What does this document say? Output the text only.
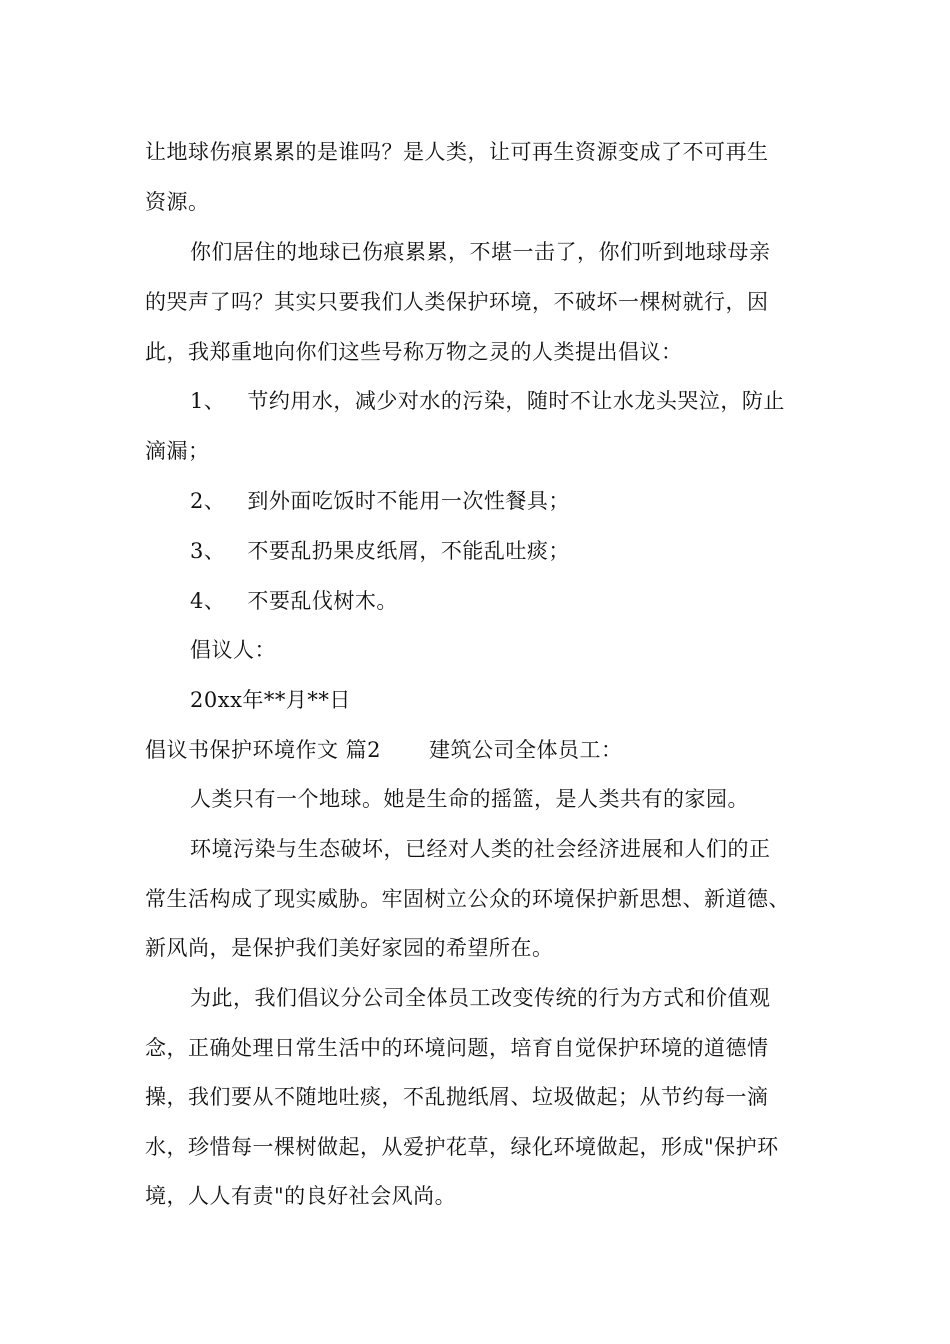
让地球伤痕累累的是谁吗？是人类，让可再生资源变成了不可再生
资源。
你们居住的地球已伤痕累累，不堪一击了，你们听到地球母亲
的哭声了吗？其实只要我们人类保护环境，不破坏一棵树就行，因
此，我郑重地向你们这些号称万物之灵的人类提出倡议：
1、 节约用水，减少对水的污染，随时不让水龙头哭泣，防止
滴漏；
2、 到外面吃饭时不能用一次性餐具；
3、 不要乱扔果皮纸屑，不能乱吐痰；
4、 不要乱伐树木。
倡议人：
20xx年**月**日
倡议书保护环境作文 篇2 建筑公司全体员工：
人类只有一个地球。她是生命的摇篮，是人类共有的家园。
环境污染与生态破坏，已经对人类的社会经济进展和人们的正
常生活构成了现实威胁。牢固树立公众的环境保护新思想、新道德、
新风尚，是保护我们美好家园的希望所在。
为此，我们倡议分公司全体员工改变传统的行为方式和价值观
念，正确处理日常生活中的环境问题，培育自觉保护环境的道德情
操，我们要从不随地吐痰，不乱抛纸屑、垃圾做起；从节约每一滴
水，珍惜每一棵树做起，从爱护花草，绿化环境做起，形成"保护环
境，人人有责"的良好社会风尚。
